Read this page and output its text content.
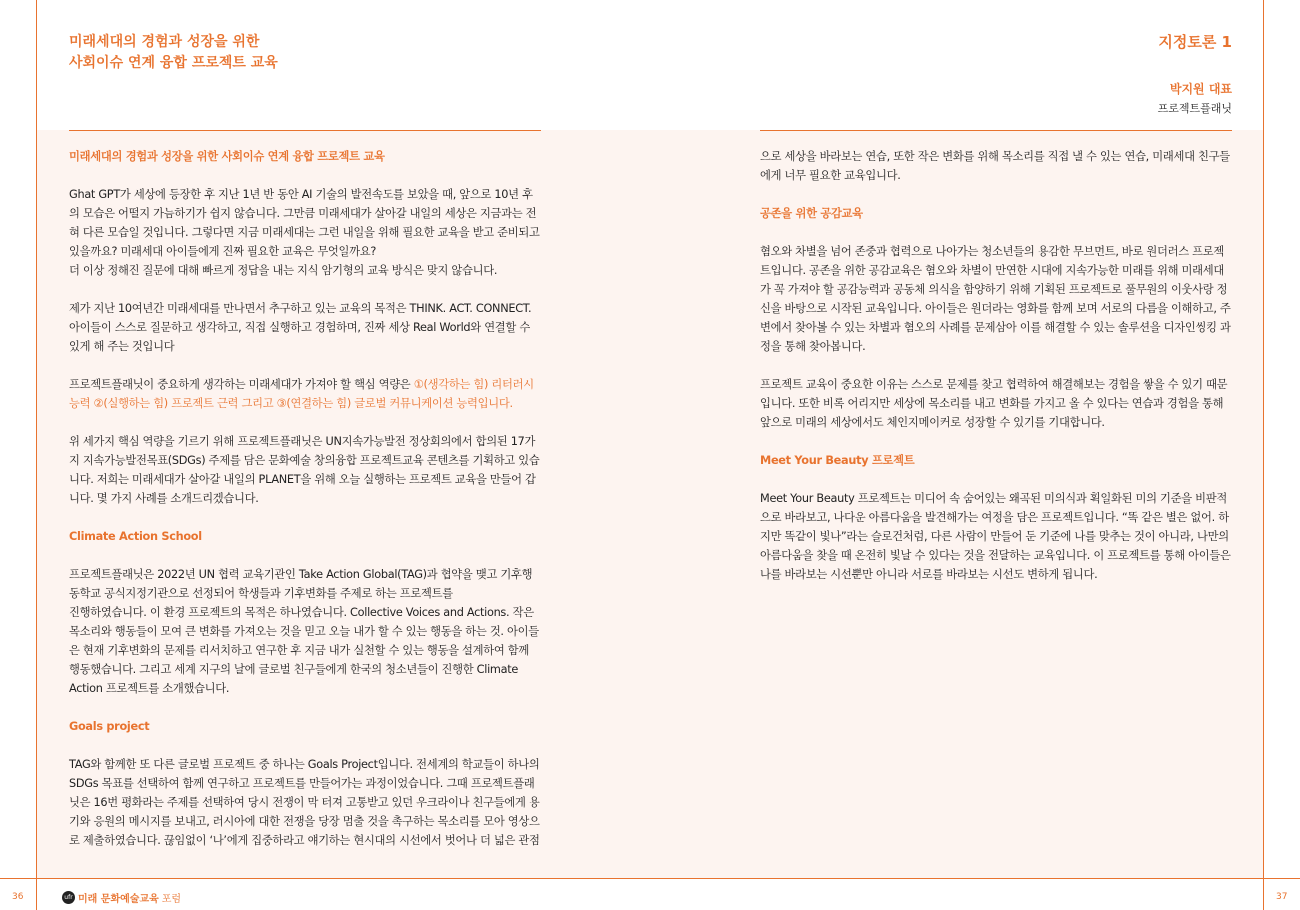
미래세대의 경험과 성장을 위한
사회이슈 연계 융합 프로젝트 교육
지정토론 1
박지원 대표
프로젝트플래닛

미래세대의 경험과 성장을 위한 사회이슈 연계 융합 프로젝트 교육

Ghat GPT가 세상에 등장한 후 지난 1년 반 동안 AI 기술의 발전속도를 보았을 때, 앞으로 10년 후의 모습은 어떨지 가늠하기가 쉽지 않습니다. 그만큼 미래세대가 살아갈 내일의 세상은 지금과는 전혀 다른 모습일 것입니다. 그렇다면 지금 미래세대는 그런 내일을 위해 필요한 교육을 받고 준비되고 있을까요? 미래세대 아이들에게 진짜 필요한 교육은 무엇일까요?
더 이상 정해진 질문에 대해 빠르게 정답을 내는 지식 암기형의 교육 방식은 맞지 않습니다.

제가 지난 10여년간 미래세대를 만나면서 추구하고 있는 교육의 목적은 THINK. ACT. CONNECT. 아이들이 스스로 질문하고 생각하고, 직접 실행하고 경험하며, 진짜 세상 Real World와 연결할 수 있게 해 주는 것입니다

프로젝트플래닛이 중요하게 생각하는 미래세대가 가져야 할 핵심 역량은 ①(생각하는 힘) 리터러시 능력 ②(실행하는 힘) 프로젝트 근력 그리고 ③(연결하는 힘) 글로벌 커뮤니케이션 능력입니다.

위 세가지 핵심 역량을 기르기 위해 프로젝트플래닛은 UN지속가능발전 정상회의에서 합의된 17가지 지속가능발전목표(SDGs) 주제를 담은 문화예술 창의융합 프로젝트교육 콘텐츠를 기획하고 있습니다. 저희는 미래세대가 살아갈 내일의 PLANET을 위해 오늘 실행하는 프로젝트 교육을 만들어 갑니다. 몇 가지 사례를 소개드리겠습니다.

Climate Action School

프로젝트플래닛은 2022년 UN 협력 교육기관인 Take Action Global(TAG)과 협약을 맺고 기후행동학교 공식지정기관으로 선정되어 학생들과 기후변화를 주제로 하는 프로젝트를
진행하였습니다. 이 환경 프로젝트의 목적은 하나였습니다. Collective Voices and Actions. 작은 목소리와 행동들이 모여 큰 변화를 가져오는 것을 믿고 오늘 내가 할 수 있는 행동을 하는 것. 아이들은 현재 기후변화의 문제를 리서치하고 연구한 후 지금 내가 실천할 수 있는 행동을 설계하여 함께 행동했습니다. 그리고 세계 지구의 날에 글로벌 친구들에게 한국의 청소년들이 진행한 Climate Action 프로젝트를 소개했습니다.

Goals project

TAG와 함께한 또 다른 글로벌 프로젝트 중 하나는 Goals Project입니다. 전세계의 학교들이 하나의 SDGs 목표를 선택하여 함께 연구하고 프로젝트를 만들어가는 과정이었습니다. 그때 프로젝트플래닛은 16번 평화라는 주제를 선택하여 당시 전쟁이 막 터져 고통받고 있던 우크라이나 친구들에게 용기와 응원의 메시지를 보내고, 러시아에 대한 전쟁을 당장 멈출 것을 촉구하는 목소리를 모아 영상으로 제출하였습니다. 끊임없이 ‘나’에게 집중하라고 얘기하는 현시대의 시선에서 벗어나 더 넓은 관점

으로 세상을 바라보는 연습, 또한 작은 변화를 위해 목소리를 직접 낼 수 있는 연습, 미래세대 친구들에게 너무 필요한 교육입니다.

공존을 위한 공감교육

혐오와 차별을 넘어 존중과 협력으로 나아가는 청소년들의 용감한 무브먼트, 바로 원더러스 프로젝트입니다. 공존을 위한 공감교육은 혐오와 차별이 만연한 시대에 지속가능한 미래를 위해 미래세대가 꼭 가져야 할 공감능력과 공동체 의식을 함양하기 위해 기획된 프로젝트로 풀무원의 이웃사랑 정신을 바탕으로 시작된 교육입니다. 아이들은 원더라는 영화를 함께 보며 서로의 다름을 이해하고, 주변에서 찾아볼 수 있는 차별과 혐오의 사례를 문제삼아 이를 해결할 수 있는 솔루션을 디자인씽킹 과정을 통해 찾아봅니다.

프로젝트 교육이 중요한 이유는 스스로 문제를 찾고 협력하여 해결해보는 경험을 쌓을 수 있기 때문입니다. 또한 비록 어리지만 세상에 목소리를 내고 변화를 가지고 올 수 있다는 연습과 경험을 통해 앞으로 미래의 세상에서도 체인지메이커로 성장할 수 있기를 기대합니다.

Meet Your Beauty 프로젝트

Meet Your Beauty 프로젝트는 미디어 속 숨어있는 왜곡된 미의식과 획일화된 미의 기준을 비판적으로 바라보고, 나다운 아름다움을 발견해가는 여정을 담은 프로젝트입니다. “똑 같은 별은 없어. 하지만 똑같이 빛나”라는 슬로건처럼, 다른 사람이 만들어 둔 기준에 나를 맞추는 것이 아니라, 나만의 아름다움을 찾을 때 온전히 빛날 수 있다는 것을 전달하는 교육입니다. 이 프로젝트를 통해 아이들은 나를 바라보는 시선뿐만 아니라 서로를 바라보는 시선도 변하게 됩니다.

36	37
ufr 미래 문화예술교육 포럼
